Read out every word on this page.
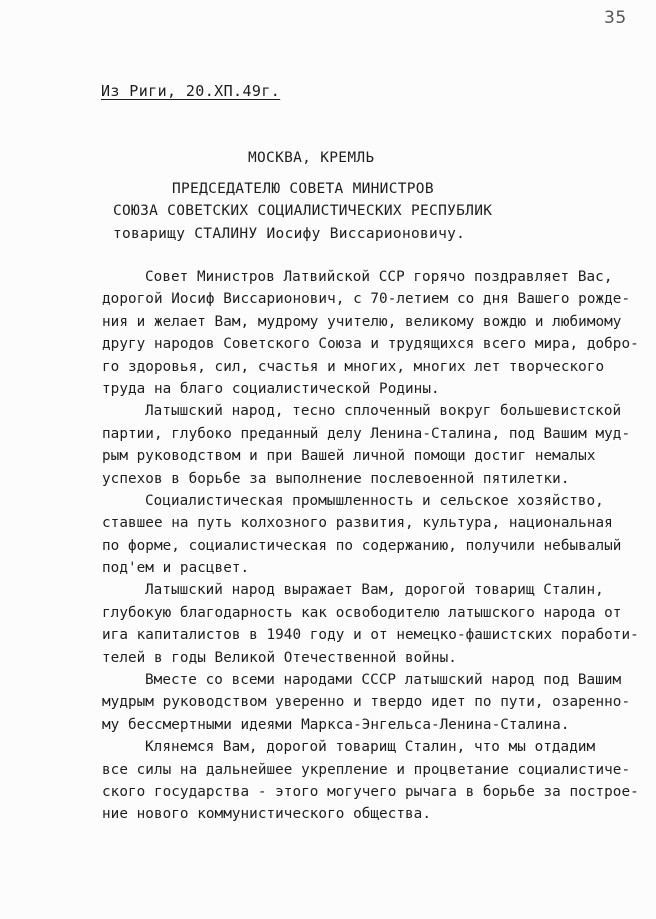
35
Из Риги, 20.ХП.49г.
МОСКВА, КРЕМЛЬ
ПРЕДСЕДАТЕЛЮ СОВЕТА МИНИСТРОВ
СОЮЗА СОВЕТСКИХ СОЦИАЛИСТИЧЕСКИХ РЕСПУБЛИК
товарищу СТАЛИНУ Иосифу Виссарионовичу.
Совет Министров Латвийской ССР горячо поздравляет Вас,
дорогой Иосиф Виссарионович, с 70-летием со дня Вашего рожде-
ния и желает Вам, мудрому учителю, великому вождю и любимому
другу народов Советского Союза и трудящихся всего мира, добро-
го здоровья, сил, счастья и многих, многих лет творческого
труда на благо социалистической Родины.
Латышский народ, тесно сплоченный вокруг большевистской
партии, глубоко преданный делу Ленина-Сталина, под Вашим муд-
рым руководством и при Вашей личной помощи достиг немалых
успехов в борьбе за выполнение послевоенной пятилетки.
Социалистическая промышленность и сельское хозяйство,
ставшее на путь колхозного развития, культура, национальная
по форме, социалистическая по содержанию, получили небывалый
под'ем и расцвет.
Латышский народ выражает Вам, дорогой товарищ Сталин,
глубокую благодарность как освободителю латышского народа от
ига капиталистов в 1940 году и от немецко-фашистских поработи-
телей в годы Великой Отечественной войны.
Вместе со всеми народами СССР латышский народ под Вашим
мудрым руководством уверенно и твердо идет по пути, озаренно-
му бессмертными идеями Маркса-Энгельса-Ленина-Сталина.
Клянемся Вам, дорогой товарищ Сталин, что мы отдадим
все силы на дальнейшее укрепление и процветание социалистиче-
ского государства - этого могучего рычага в борьбе за построе-
ние нового коммунистического общества.
